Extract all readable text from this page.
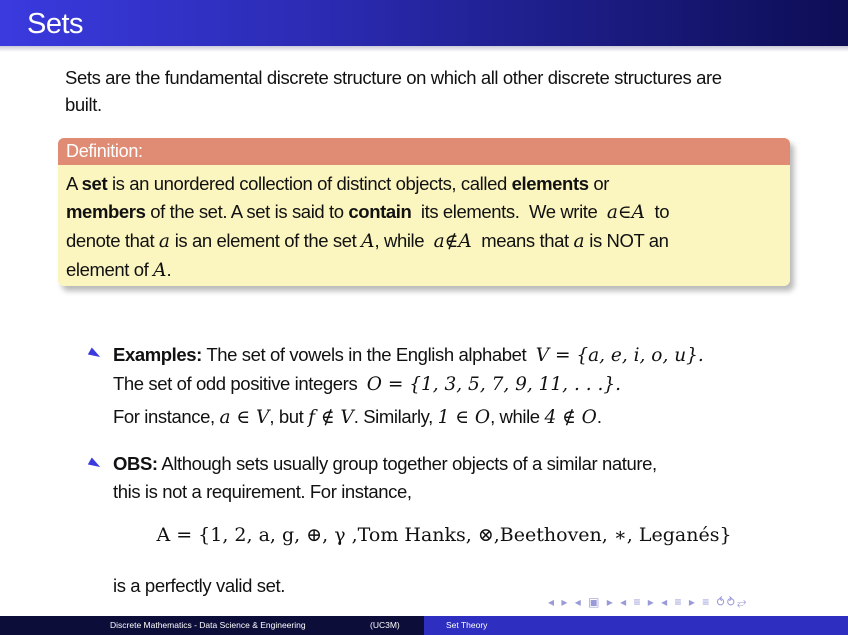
Sets
Sets are the fundamental discrete structure on which all other discrete structures are built.
Definition:
A set is an unordered collection of distinct objects, called elements or
members of the set. A set is said to contain  its elements.  We write  a∈A  to
denote that a is an element of the set A, while  a∉A  means that a is NOT an
element of A.
Examples: The set of vowels in the English alphabet  V = {a, e, i, o, u}.
The set of odd positive integers  O = {1, 3, 5, 7, 9, 11, . . .}.
For instance, a ∈ V, but f ∉ V. Similarly, 1 ∈ O, while 4 ∉ O.
OBS: Although sets usually group together objects of a similar nature,
this is not a requirement. For instance,
A = {1, 2, a, g, ⊕, γ ,Tom Hanks, ⊗,Beethoven, ∗, Leganés}
is a perfectly valid set.
◂ ▸ ◂ ▣ ▸ ◂ ≡ ▸ ◂ ≡ ▸ ≡ ⥀⥁⥂
Discrete Mathematics - Data Science & Engineering	(UC3M)	Set Theory
